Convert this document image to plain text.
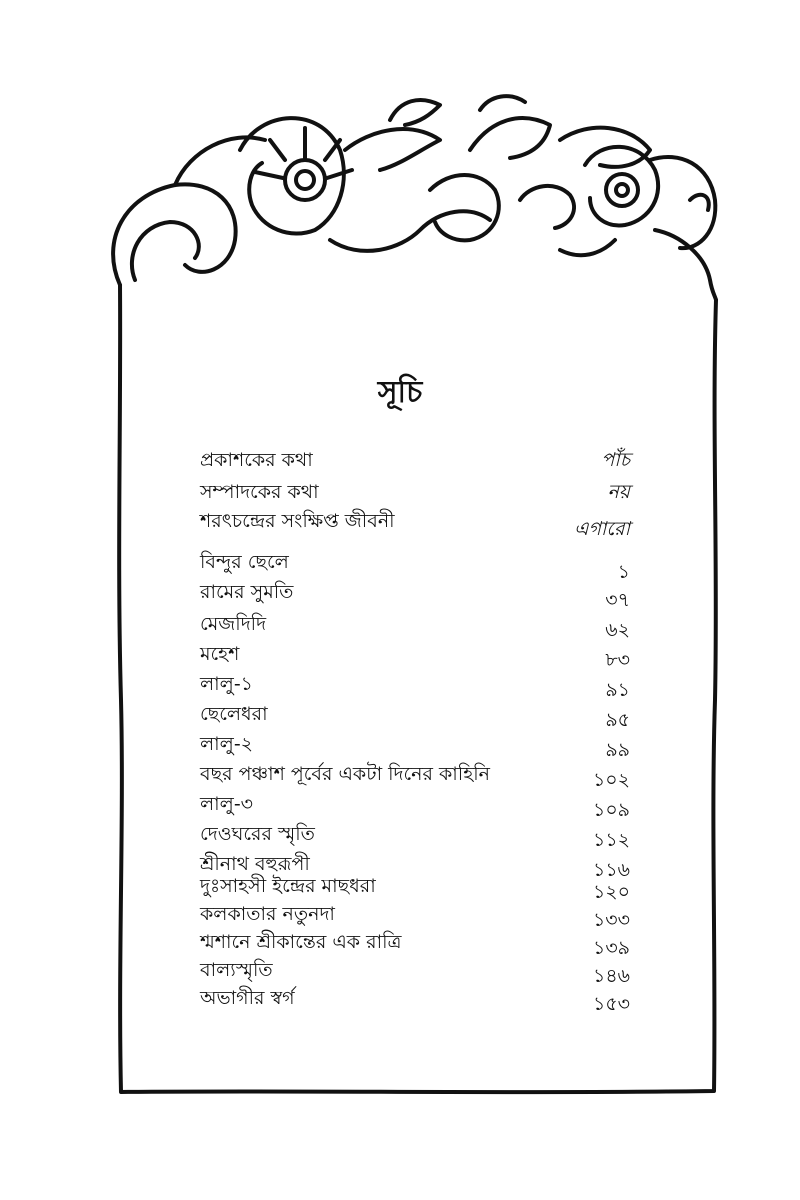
সূচি
প্রকাশকের কথা	পাঁচ
সম্পাদকের কথা	নয়
শরৎচন্দ্রের সংক্ষিপ্ত জীবনী	এগারো
বিন্দুর ছেলে	১
রামের সুমতি	৩৭
মেজদিদি	৬২
মহেশ	৮৩
লালু-১	৯১
ছেলেধরা	৯৫
লালু-২	৯৯
বছর পঞ্চাশ পূর্বের একটা দিনের কাহিনি	১০২
লালু-৩	১০৯
দেওঘরের স্মৃতি	১১২
শ্রীনাথ বহুরূপী	১১৬
দুঃসাহসী ইন্দ্রের মাছধরা	১২০
কলকাতার নতুনদা	১৩৩
শ্মশানে শ্রীকান্তের এক রাত্রি	১৩৯
বাল্যস্মৃতি	১৪৬
অভাগীর স্বর্গ	১৫৩
